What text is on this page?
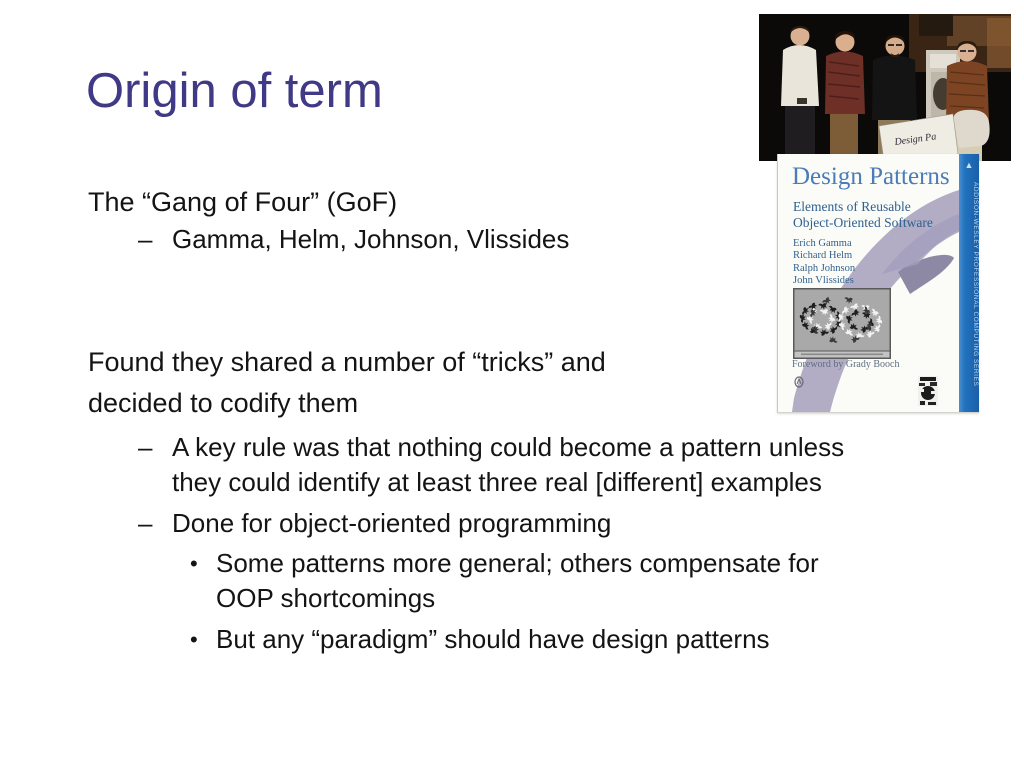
Origin of term
The “Gang of Four” (GoF)
– Gamma, Helm, Johnson, Vlissides
Found they shared a number of “tricks” and
decided to codify them
– A key rule was that nothing could become a pattern unless
they could identify at least three real [different] examples
– Done for object-oriented programming
• Some patterns more general; others compensate for
OOP shortcomings
• But any “paradigm” should have design patterns
Design Pa
Design Patterns
Elements of Reusable
Object-Oriented Software
Erich Gamma
Richard Helm
Ralph Johnson
John Vlissides
Foreword by Grady Booch
▲
ADDISON-WESLEY PROFESSIONAL COMPUTING SERIES
